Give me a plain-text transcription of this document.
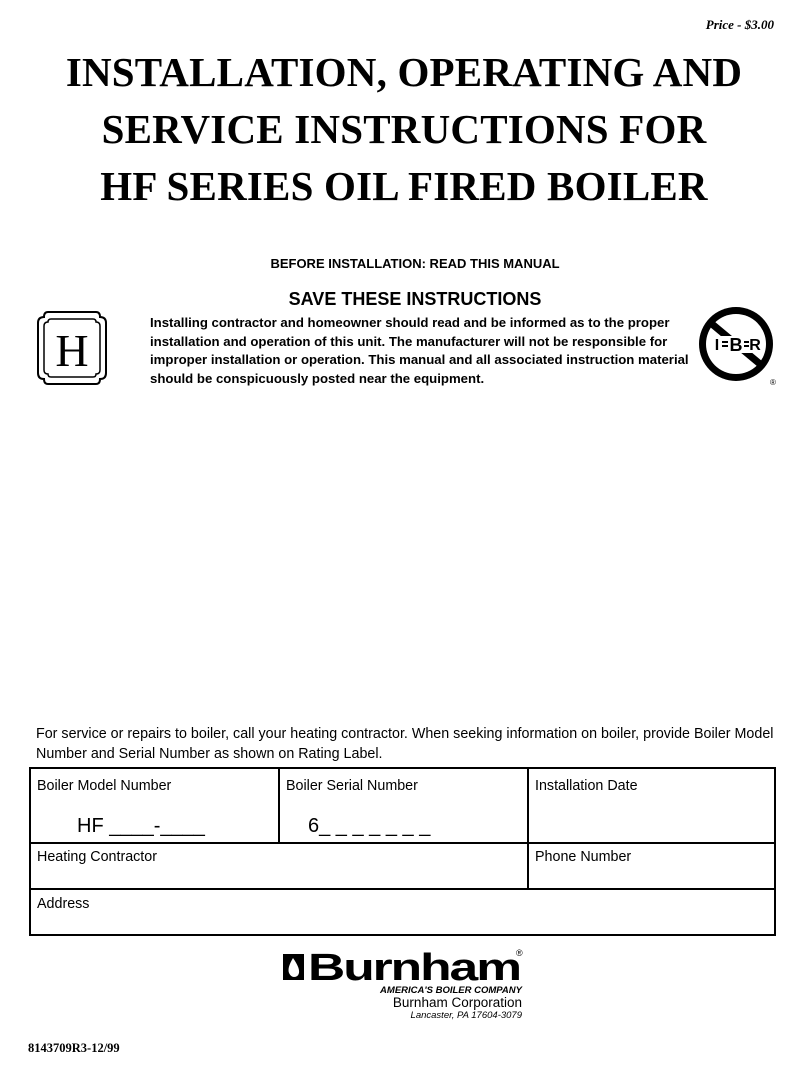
Price - $3.00
INSTALLATION, OPERATING AND
SERVICE INSTRUCTIONS FOR
HF SERIES OIL FIRED BOILER
BEFORE INSTALLATION: READ THIS MANUAL
SAVE THESE INSTRUCTIONS
H
Installing contractor and homeowner should read and be informed as to the proper installation and operation of this unit. The manufacturer will not be responsible for improper installation or operation. This manual and all associated instruction material should be conspicuously posted near the equipment.
I B R
®
For service or repairs to boiler, call your heating contractor. When seeking information on boiler, provide Boiler Model Number and Serial Number as shown on Rating Label.
Boiler Model Number
HF ____-____
Boiler Serial Number
6_ _ _ _ _ _ _
Installation Date
Heating Contractor	Phone Number
Address
Burnham
®
AMERICA'S BOILER COMPANY
Burnham Corporation
Lancaster, PA 17604-3079
8143709R3-12/99
